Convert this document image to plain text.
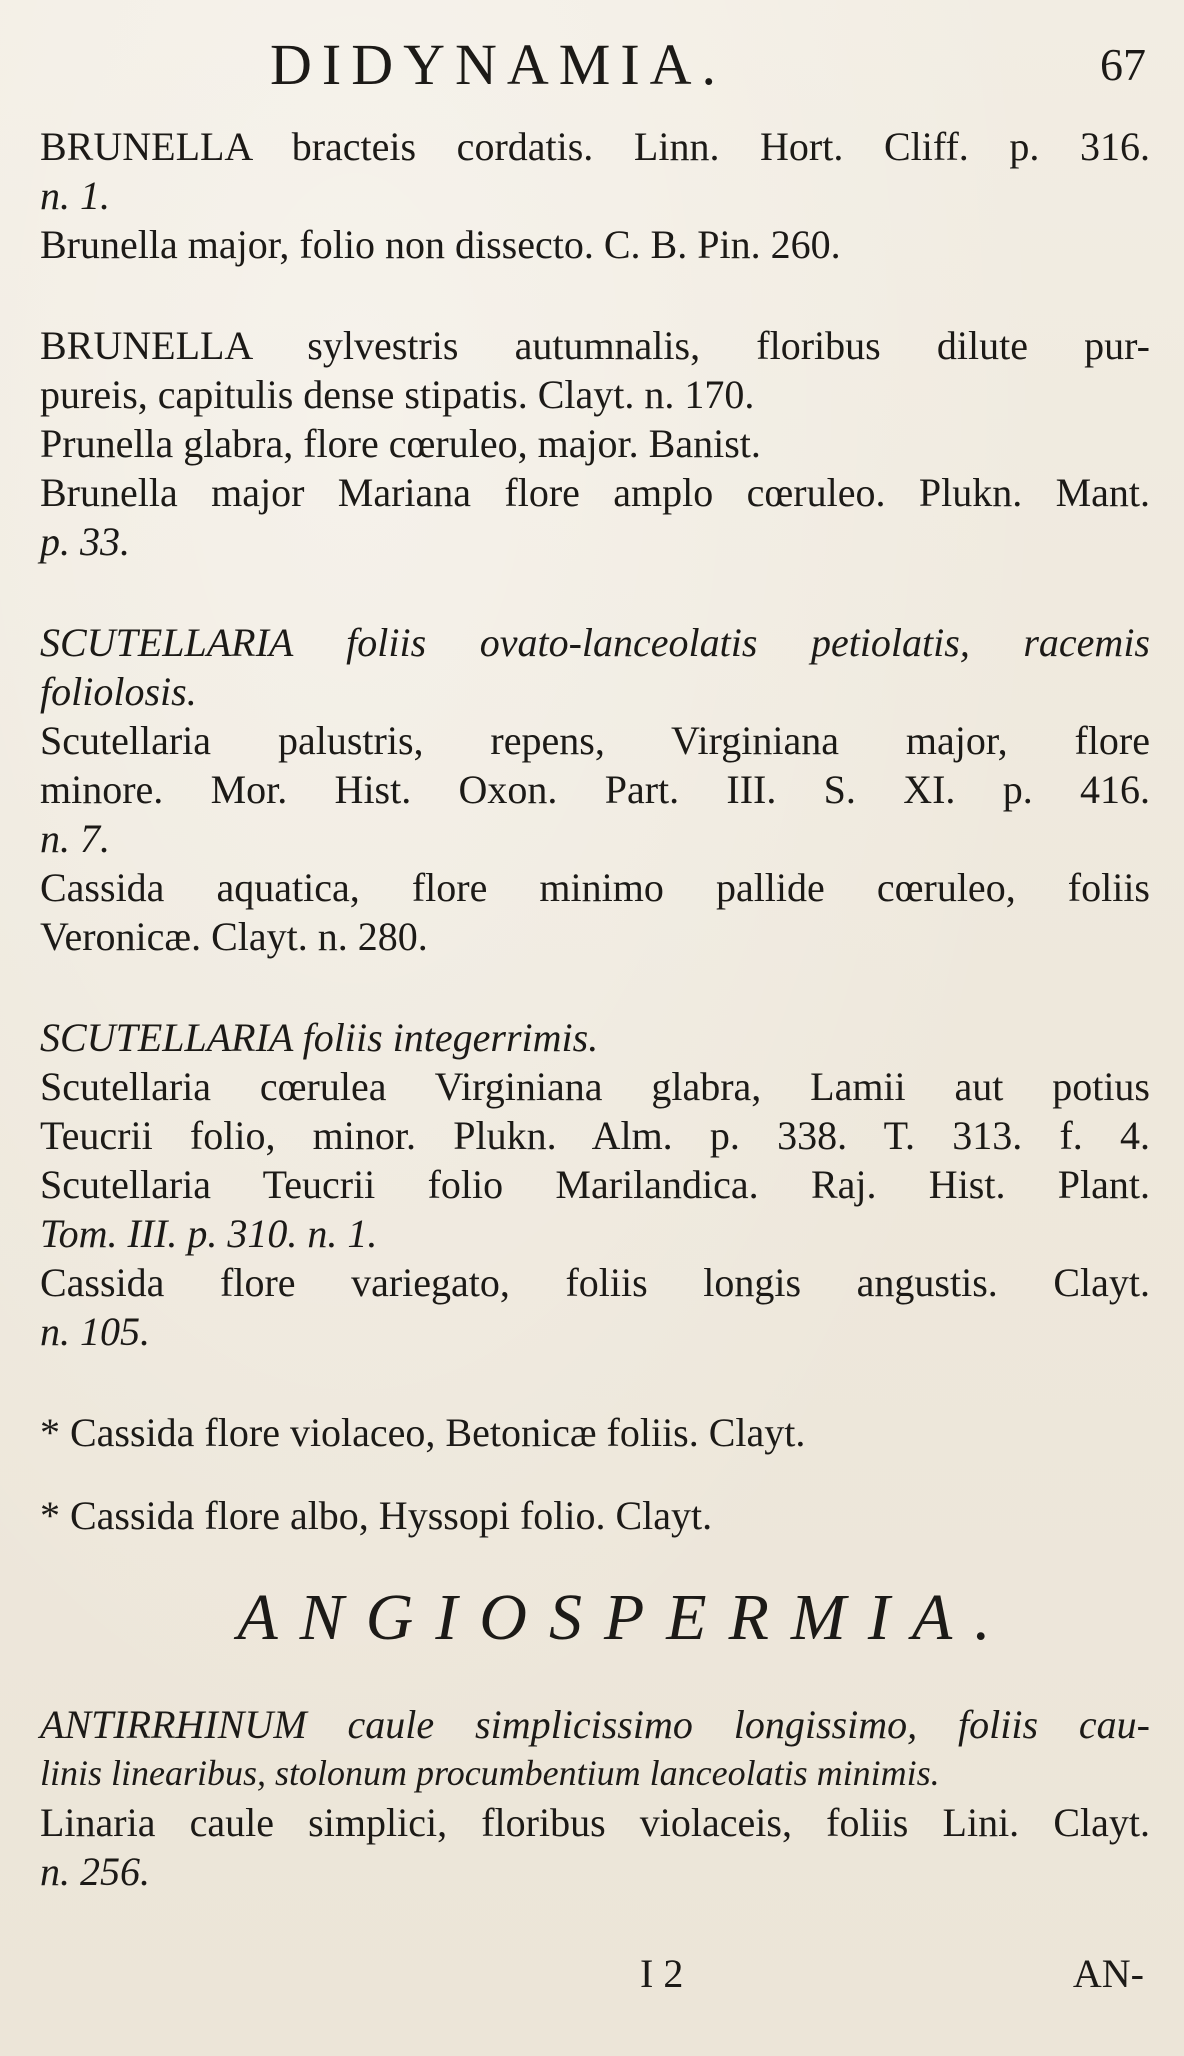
DIDYNAMIA.	67
BRUNELLA bracteis cordatis. Linn. Hort. Cliff. p. 316.
n. 1.
Brunella major, folio non dissecto. C. B. Pin. 260.
BRUNELLA sylvestris autumnalis, floribus dilute pur-
pureis, capitulis dense stipatis. Clayt. n. 170.
Prunella glabra, flore cœruleo, major. Banist.
Brunella major Mariana flore amplo cœruleo. Plukn. Mant.
p. 33.
SCUTELLARIA foliis ovato-lanceolatis petiolatis, racemis
foliolosis.
Scutellaria palustris, repens, Virginiana major, flore
minore. Mor. Hist. Oxon. Part. III. S. XI. p. 416.
n. 7.
Cassida aquatica, flore minimo pallide cœruleo, foliis
Veronicæ. Clayt. n. 280.
SCUTELLARIA foliis integerrimis.
Scutellaria cœrulea Virginiana glabra, Lamii aut potius
Teucrii folio, minor. Plukn. Alm. p. 338. T. 313. f. 4.
Scutellaria Teucrii folio Marilandica. Raj. Hist. Plant.
Tom. III. p. 310. n. 1.
Cassida flore variegato, foliis longis angustis. Clayt.
n. 105.
* Cassida flore violaceo, Betonicæ foliis. Clayt.
* Cassida flore albo, Hyssopi folio. Clayt.
ANGIOSPERMIA.
ANTIRRHINUM caule simplicissimo longissimo, foliis cau-
linis linearibus, stolonum procumbentium lanceolatis minimis.
Linaria caule simplici, floribus violaceis, foliis Lini. Clayt.
n. 256.
I 2	AN-
